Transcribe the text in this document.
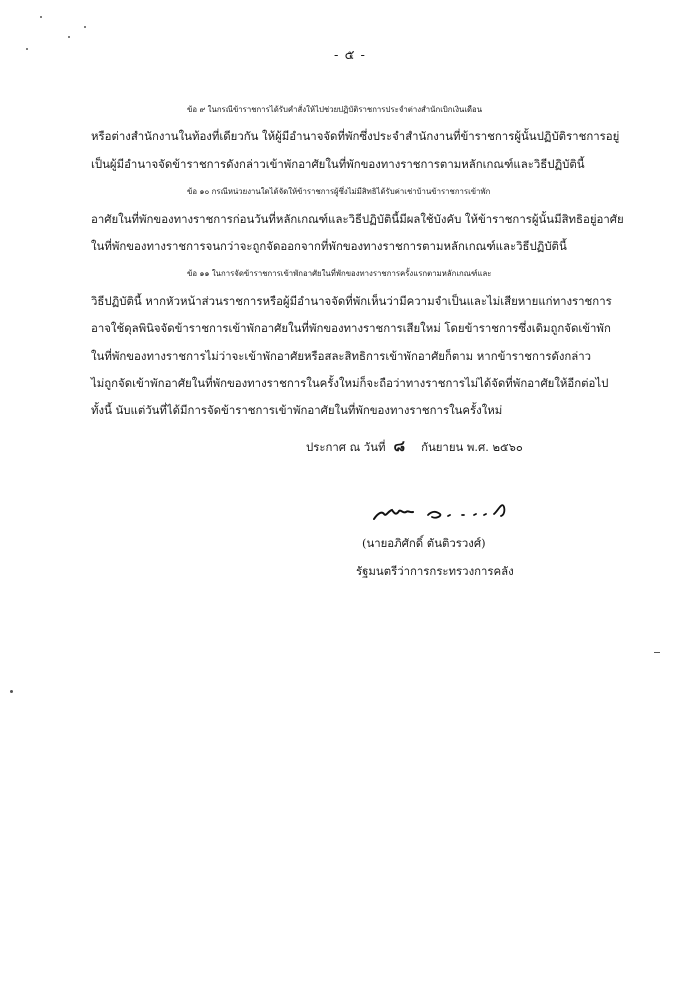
- ๕ -
ข้อ ๙ ในกรณีข้าราชการได้รับคำสั่งให้ไปช่วยปฏิบัติราชการประจำต่างสำนักเบิกเงินเดือน
หรือต่างสำนักงานในท้องที่เดียวกัน ให้ผู้มีอำนาจจัดที่พักซึ่งประจำสำนักงานที่ข้าราชการผู้นั้นปฏิบัติราชการอยู่
เป็นผู้มีอำนาจจัดข้าราชการดังกล่าวเข้าพักอาศัยในที่พักของทางราชการตามหลักเกณฑ์และวิธีปฏิบัตินี้
ข้อ ๑๐ กรณีหน่วยงานใดได้จัดให้ข้าราชการผู้ซึ่งไม่มีสิทธิได้รับค่าเช่าบ้านข้าราชการเข้าพัก
อาศัยในที่พักของทางราชการก่อนวันที่หลักเกณฑ์และวิธีปฏิบัตินี้มีผลใช้บังคับ ให้ข้าราชการผู้นั้นมีสิทธิอยู่อาศัย
ในที่พักของทางราชการจนกว่าจะถูกจัดออกจากที่พักของทางราชการตามหลักเกณฑ์และวิธีปฏิบัตินี้
ข้อ ๑๑ ในการจัดข้าราชการเข้าพักอาศัยในที่พักของทางราชการครั้งแรกตามหลักเกณฑ์และ
วิธีปฏิบัตินี้ หากหัวหน้าส่วนราชการหรือผู้มีอำนาจจัดที่พักเห็นว่ามีความจำเป็นและไม่เสียหายแก่ทางราชการ
อาจใช้ดุลพินิจจัดข้าราชการเข้าพักอาศัยในที่พักของทางราชการเสียใหม่ โดยข้าราชการซึ่งเดิมถูกจัดเข้าพัก
ในที่พักของทางราชการไม่ว่าจะเข้าพักอาศัยหรือสละสิทธิการเข้าพักอาศัยก็ตาม หากข้าราชการดังกล่าว
ไม่ถูกจัดเข้าพักอาศัยในที่พักของทางราชการในครั้งใหม่ก็จะถือว่าทางราชการไม่ได้จัดที่พักอาศัยให้อีกต่อไป
ทั้งนี้ นับแต่วันที่ได้มีการจัดข้าราชการเข้าพักอาศัยในที่พักของทางราชการในครั้งใหม่
ประกาศ ณ วันที่ ๘ กันยายน พ.ศ. ๒๕๖๐
(นายอภิศักดิ์ ตันติวรวงศ์)
รัฐมนตรีว่าการกระทรวงการคลัง
